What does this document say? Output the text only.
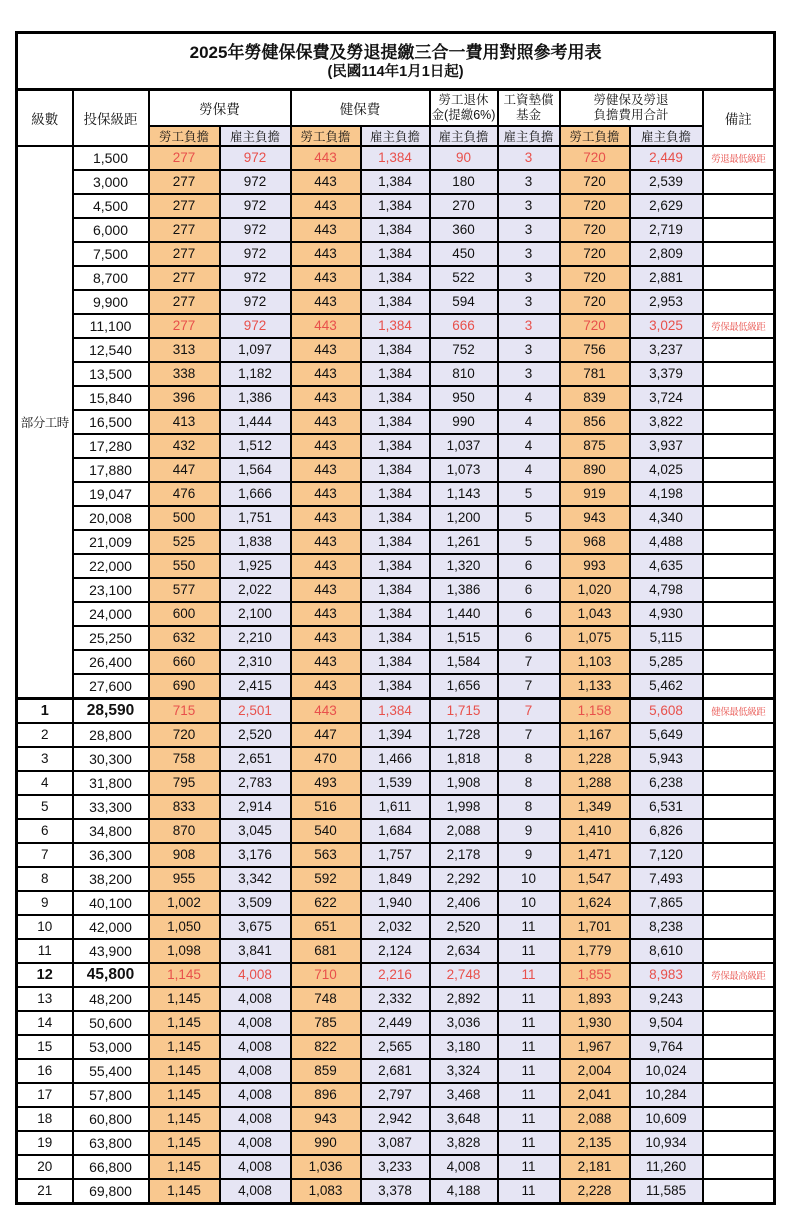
2025年勞健保保費及勞退提繳三合一費用對照參考用表
(民國114年1月1日起)										

級數	投保級距	勞保費	健保費	
勞工退休
金(提繳6%)

工資墊償
基金

勞健保及勞退
負擔費用合計	備註

		勞工負擔	雇主負擔	勞工負擔	雇主負擔	雇主負擔	雇主負擔	勞工負擔	雇主負擔	
部分工時	1,500	277	972	443	1,384	90	3	720	2,449	勞退最低級距
	3,000	277	972	443	1,384	180	3	720	2,539	
	4,500	277	972	443	1,384	270	3	720	2,629	
	6,000	277	972	443	1,384	360	3	720	2,719	
	7,500	277	972	443	1,384	450	3	720	2,809	
	8,700	277	972	443	1,384	522	3	720	2,881	
	9,900	277	972	443	1,384	594	3	720	2,953	
	11,100	277	972	443	1,384	666	3	720	3,025	勞保最低級距
	12,540	313	1,097	443	1,384	752	3	756	3,237	
	13,500	338	1,182	443	1,384	810	3	781	3,379	
	15,840	396	1,386	443	1,384	950	4	839	3,724	
	16,500	413	1,444	443	1,384	990	4	856	3,822	
	17,280	432	1,512	443	1,384	1,037	4	875	3,937	
	17,880	447	1,564	443	1,384	1,073	4	890	4,025	
	19,047	476	1,666	443	1,384	1,143	5	919	4,198	
	20,008	500	1,751	443	1,384	1,200	5	943	4,340	
	21,009	525	1,838	443	1,384	1,261	5	968	4,488	
	22,000	550	1,925	443	1,384	1,320	6	993	4,635	
	23,100	577	2,022	443	1,384	1,386	6	1,020	4,798	
	24,000	600	2,100	443	1,384	1,440	6	1,043	4,930	
	25,250	632	2,210	443	1,384	1,515	6	1,075	5,115	
	26,400	660	2,310	443	1,384	1,584	7	1,103	5,285	
	27,600	690	2,415	443	1,384	1,656	7	1,133	5,462	
1	28,590	715	2,501	443	1,384	1,715	7	1,158	5,608	健保最低級距
2	28,800	720	2,520	447	1,394	1,728	7	1,167	5,649	
3	30,300	758	2,651	470	1,466	1,818	8	1,228	5,943	
4	31,800	795	2,783	493	1,539	1,908	8	1,288	6,238	
5	33,300	833	2,914	516	1,611	1,998	8	1,349	6,531	
6	34,800	870	3,045	540	1,684	2,088	9	1,410	6,826	
7	36,300	908	3,176	563	1,757	2,178	9	1,471	7,120	
8	38,200	955	3,342	592	1,849	2,292	10	1,547	7,493	
9	40,100	1,002	3,509	622	1,940	2,406	10	1,624	7,865	
10	42,000	1,050	3,675	651	2,032	2,520	11	1,701	8,238	
11	43,900	1,098	3,841	681	2,124	2,634	11	1,779	8,610	
12	45,800	1,145	4,008	710	2,216	2,748	11	1,855	8,983	勞保最高級距
13	48,200	1,145	4,008	748	2,332	2,892	11	1,893	9,243	
14	50,600	1,145	4,008	785	2,449	3,036	11	1,930	9,504	
15	53,000	1,145	4,008	822	2,565	3,180	11	1,967	9,764	
16	55,400	1,145	4,008	859	2,681	3,324	11	2,004	10,024	
17	57,800	1,145	4,008	896	2,797	3,468	11	2,041	10,284	
18	60,800	1,145	4,008	943	2,942	3,648	11	2,088	10,609	
19	63,800	1,145	4,008	990	3,087	3,828	11	2,135	10,934	
20	66,800	1,145	4,008	1,036	3,233	4,008	11	2,181	11,260	
21	69,800	1,145	4,008	1,083	3,378	4,188	11	2,228	11,585	
